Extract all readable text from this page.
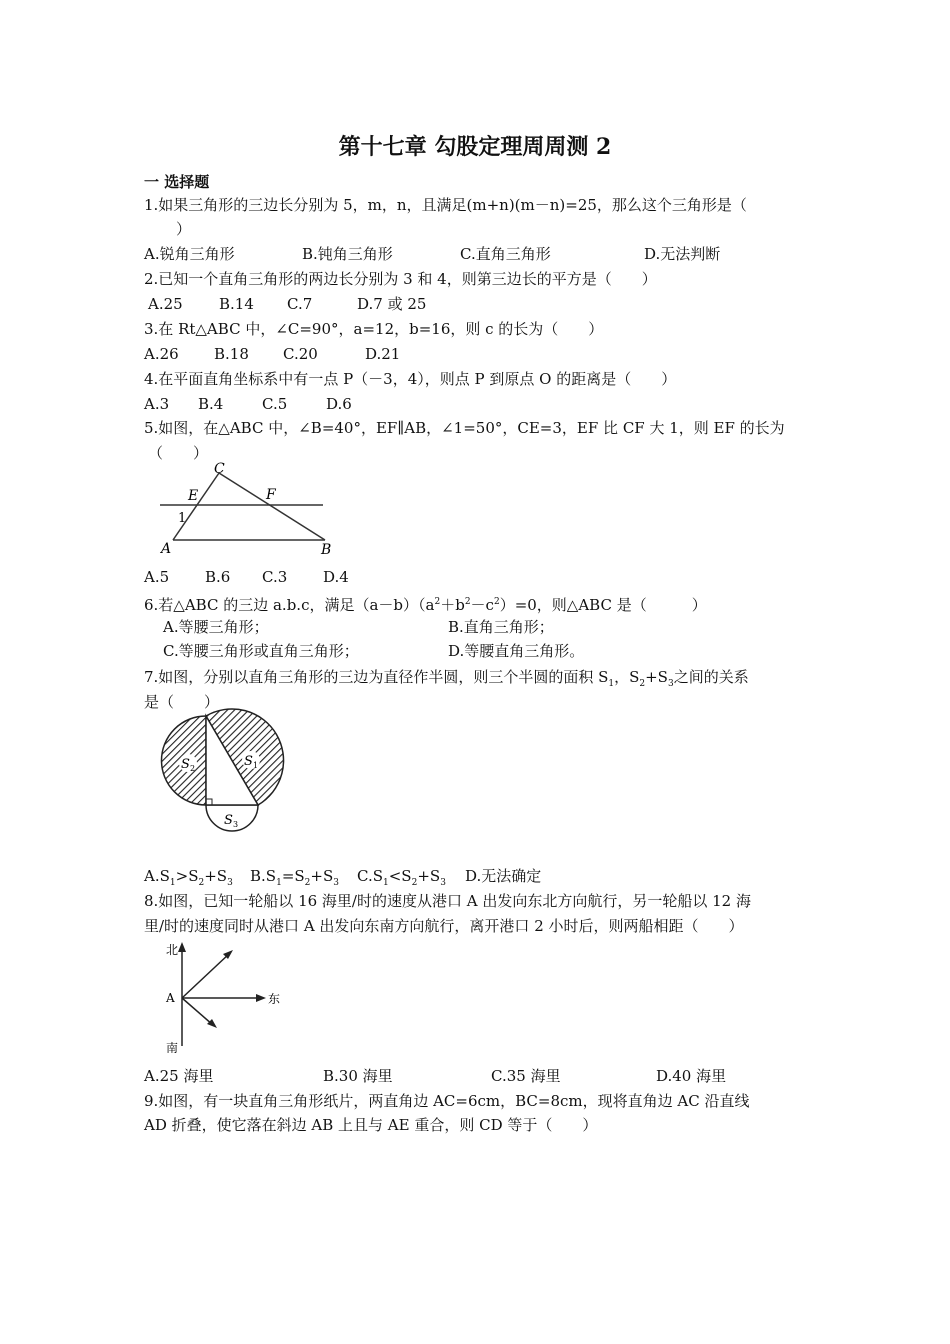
第十七章 勾股定理周周测 2
一 选择题
1.如果三角形的三边长分别为 5，m，n，且满足(m+n)(m－n)=25，那么这个三角形是（
）
A.锐角三角形	B.钝角三角形	C.直角三角形	D.无法判断
2.已知一个直角三角形的两边长分别为 3 和 4，则第三边长的平方是（　　）
A.25 B.14 C.7	D.7 或 25
3.在 Rt△ABC 中，∠C=90°，a=12，b=16，则 c 的长为（　　）
A.26 B.18 C.20	D.21
4.在平面直角坐标系中有一点 P（－3，4），则点 P 到原点 O 的距离是（　　）
A.3 B.4	C.5	D.6
5.如图，在△ABC 中，∠B=40°，EF∥AB，∠1=50°，CE=3，EF 比 CF 大 1，则 EF 的长为
（　　）
C
E	F
1
A	B
A.5 B.6 C.3 D.4
6.若△ABC 的三边 a.b.c，满足$(a-b)(a^2+b^2-c^2)=0$，则△ABC 是（　　　）
A.等腰三角形；	B.直角三角形；
C.等腰三角形或直角三角形；	D.等腰直角三角形。
7.如图，分别以直角三角形的三边为直径作半圆，则三个半圆的面积 $S_1$，$S_2+S_3$之间的关系
是（　　）
S 1
S 2
S 3
$A.S_1>S_2+S_3$ $B.S_1=S_2+S_3$ $C.S_1<S_2+S_3$ D.无法确定
8.如图，已知一轮船以 16 海里/时的速度从港口 A 出发向东北方向航行，另一轮船以 12 海
里/时的速度同时从港口 A 出发向东南方向航行，离开港口 2 小时后，则两船相距（　　）
北
A	东
南
A.25 海里	B.30 海里	C.35 海里	D.40 海里
9.如图，有一块直角三角形纸片，两直角边 AC=6cm，BC=8cm，现将直角边 AC 沿直线
AD 折叠，使它落在斜边 AB 上且与 AE 重合，则 CD 等于（　　）
